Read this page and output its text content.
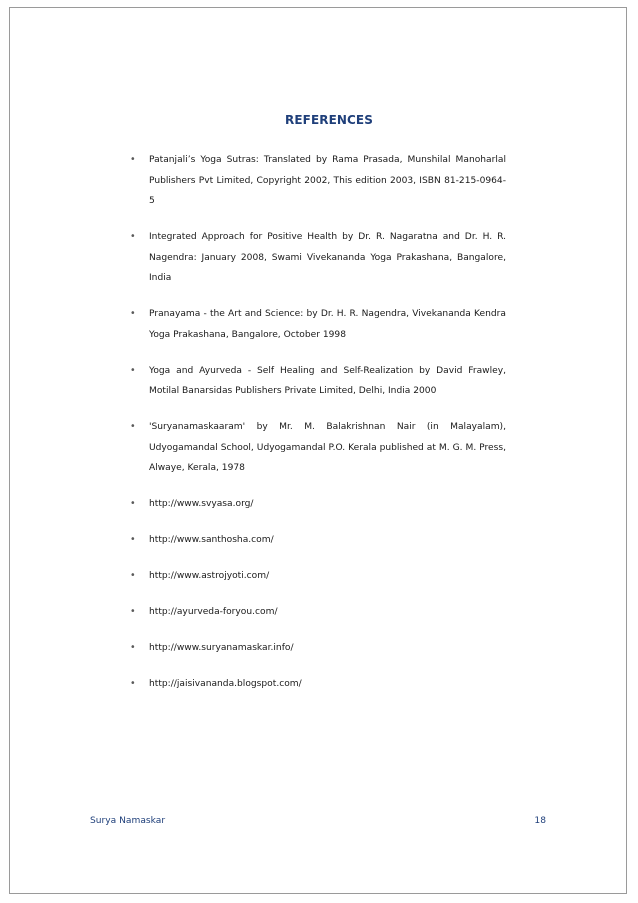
REFERENCES
• Patanjali’s Yoga Sutras: Translated by Rama Prasada, Munshilal Manoharlal Publishers Pvt Limited, Copyright 2002, This edition 2003, ISBN 81-215-0964-5
• Integrated Approach for Positive Health by Dr. R. Nagaratna and Dr. H. R. Nagendra: January 2008, Swami Vivekananda Yoga Prakashana, Bangalore, India
• Pranayama - the Art and Science: by Dr. H. R. Nagendra, Vivekananda Kendra Yoga Prakashana, Bangalore, October 1998
• Yoga and Ayurveda - Self Healing and Self-Realization by David Frawley, Motilal Banarsidas Publishers Private Limited, Delhi, India 2000
• 'Suryanamaskaaram' by Mr. M. Balakrishnan Nair (in Malayalam), Udyogamandal School, Udyogamandal P.O. Kerala published at M. G. M. Press, Alwaye, Kerala, 1978
• http://www.svyasa.org/
• http://www.santhosha.com/
• http://www.astrojyoti.com/
• http://ayurveda-foryou.com/
• http://www.suryanamaskar.info/
• http://jaisivananda.blogspot.com/
Surya Namaskar	18
